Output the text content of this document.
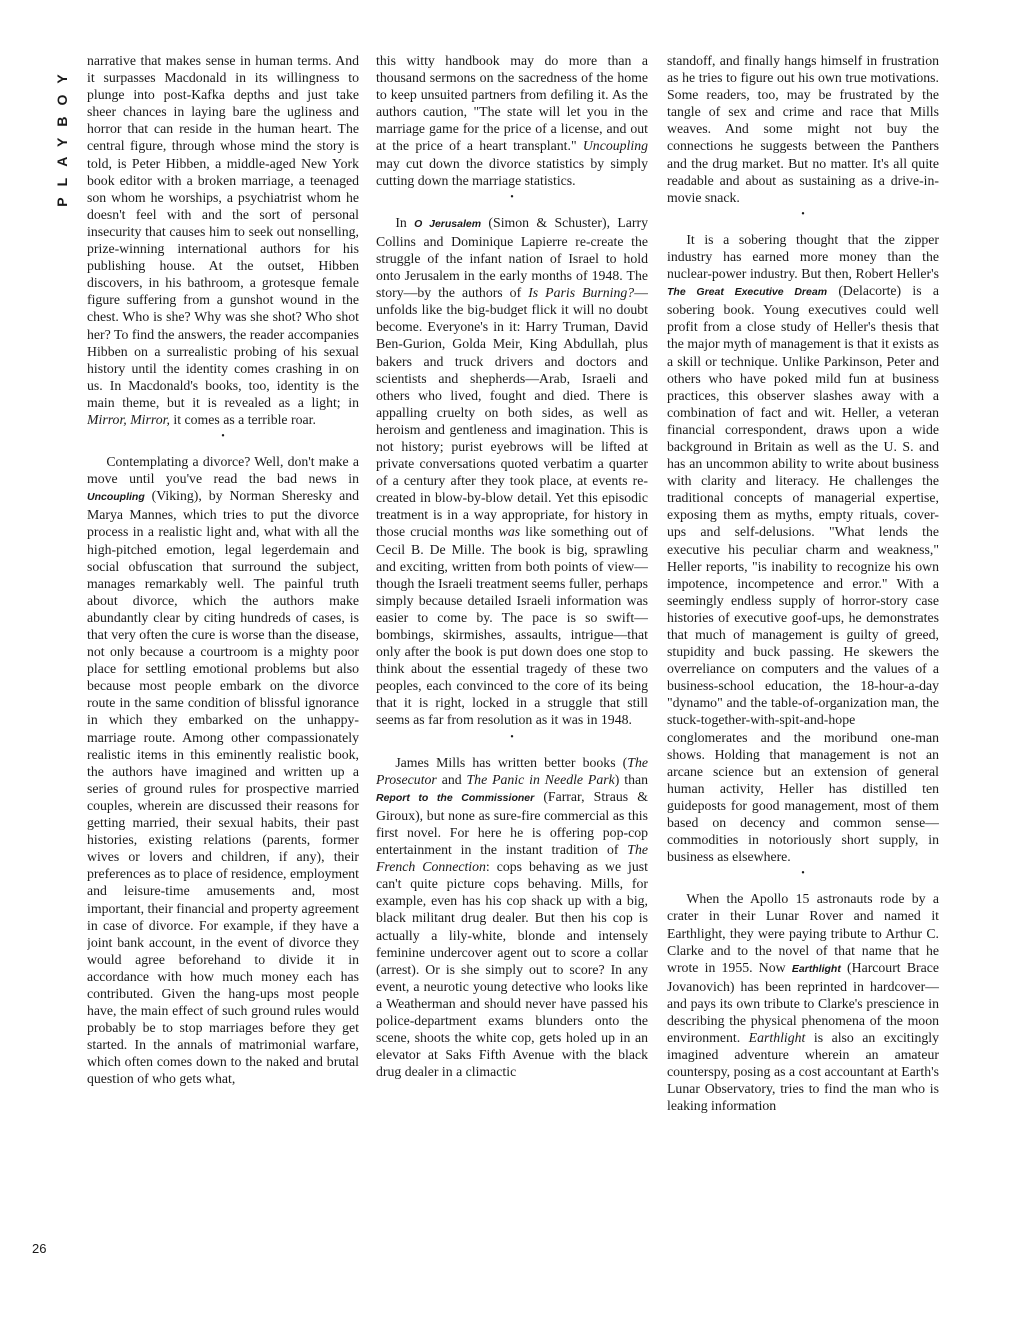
PLAYBOY

narrative that makes sense in human terms. And it surpasses Macdonald in its willingness to plunge into post-Kafka depths and just take sheer chances in laying bare the ugliness and horror that can reside in the human heart. The central figure, through whose mind the story is told, is Peter Hibben, a middle-aged New York book editor with a broken marriage, a teenaged son whom he worships, a psychiatrist whom he doesn't feel with and the sort of personal insecurity that causes him to seek out nonselling, prize-winning international authors for his publishing house. At the outset, Hibben discovers, in his bathroom, a grotesque female figure suffering from a gunshot wound in the chest. Who is she? Why was she shot? Who shot her? To find the answers, the reader accompanies Hibben on a surrealistic probing of his sexual history until the identity comes crashing in on us. In Macdonald's books, too, identity is the main theme, but it is revealed as a light; in Mirror, Mirror, it comes as a terrible roar.

•

Contemplating a divorce? Well, don't make a move until you've read the bad news in Uncoupling (Viking), by Norman Sheresky and Marya Mannes, which tries to put the divorce process in a realistic light and, what with all the high-pitched emotion, legal legerdemain and social obfuscation that surround the subject, manages remarkably well. The painful truth about divorce, which the authors make abundantly clear by citing hundreds of cases, is that very often the cure is worse than the disease, not only because a courtroom is a mighty poor place for settling emotional problems but also because most people embark on the divorce route in the same condition of blissful ignorance in which they embarked on the unhappy-marriage route. Among other compassionately realistic items in this eminently realistic book, the authors have imagined and written up a series of ground rules for prospective married couples, wherein are discussed their reasons for getting married, their sexual habits, their past histories, existing relations (parents, former wives or lovers and children, if any), their preferences as to place of residence, employment and leisure-time amusements and, most important, their financial and property agreement in case of divorce. For example, if they have a joint bank account, in the event of divorce they would agree beforehand to divide it in accordance with how much money each has contributed. Given the hang-ups most people have, the main effect of such ground rules would probably be to stop marriages before they get started. In the annals of matrimonial warfare, which often comes down to the naked and brutal question of who gets what,

this witty handbook may do more than a thousand sermons on the sacredness of the home to keep unsuited partners from defiling it. As the authors caution, "The state will let you in the marriage game for the price of a license, and out at the price of a heart transplant." Uncoupling may cut down the divorce statistics by simply cutting down the marriage statistics.

•

In O Jerusalem (Simon & Schuster), Larry Collins and Dominique Lapierre re-create the struggle of the infant nation of Israel to hold onto Jerusalem in the early months of 1948. The story—by the authors of Is Paris Burning?—unfolds like the big-budget flick it will no doubt become. Everyone's in it: Harry Truman, David Ben-Gurion, Golda Meir, King Abdullah, plus bakers and truck drivers and doctors and scientists and shepherds—Arab, Israeli and others who lived, fought and died. There is appalling cruelty on both sides, as well as heroism and gentleness and imagination. This is not history; purist eyebrows will be lifted at private conversations quoted verbatim a quarter of a century after they took place, at events re-created in blow-by-blow detail. Yet this episodic treatment is in a way appropriate, for history in those crucial months was like something out of Cecil B. De Mille. The book is big, sprawling and exciting, written from both points of view—though the Israeli treatment seems fuller, perhaps simply because detailed Israeli information was easier to come by. The pace is so swift—bombings, skirmishes, assaults, intrigue—that only after the book is put down does one stop to think about the essential tragedy of these two peoples, each convinced to the core of its being that it is right, locked in a struggle that still seems as far from resolution as it was in 1948.

•

James Mills has written better books (The Prosecutor and The Panic in Needle Park) than Report to the Commissioner (Farrar, Straus & Giroux), but none as sure-fire commercial as this first novel. For here he is offering pop-cop entertainment in the instant tradition of The French Connection: cops behaving as we just can't quite picture cops behaving. Mills, for example, even has his cop shack up with a big, black militant drug dealer. But then his cop is actually a lily-white, blonde and intensely feminine undercover agent out to score a collar (arrest). Or is she simply out to score? In any event, a neurotic young detective who looks like a Weatherman and should never have passed his police-department exams blunders onto the scene, shoots the white cop, gets holed up in an elevator at Saks Fifth Avenue with the black drug dealer in a climactic

standoff, and finally hangs himself in frustration as he tries to figure out his own true motivations. Some readers, too, may be frustrated by the tangle of sex and crime and race that Mills weaves. And some might not buy the connections he suggests between the Panthers and the drug market. But no matter. It's all quite readable and about as sustaining as a drive-in-movie snack.

•

It is a sobering thought that the zipper industry has earned more money than the nuclear-power industry. But then, Robert Heller's The Great Executive Dream (Delacorte) is a sobering book. Young executives could well profit from a close study of Heller's thesis that the major myth of management is that it exists as a skill or technique. Unlike Parkinson, Peter and others who have poked mild fun at business practices, this observer slashes away with a combination of fact and wit. Heller, a veteran financial correspondent, draws upon a wide background in Britain as well as the U. S. and has an uncommon ability to write about business with clarity and literacy. He challenges the traditional concepts of managerial expertise, exposing them as myths, empty rituals, cover-ups and self-delusions. "What lends the executive his peculiar charm and weakness," Heller reports, "is inability to recognize his own impotence, incompetence and error." With a seemingly endless supply of horror-story case histories of executive goof-ups, he demonstrates that much of management is guilty of greed, stupidity and buck passing. He skewers the overreliance on computers and the values of a business-school education, the 18-hour-a-day "dynamo" and the table-of-organization man, the stuck-together-with-spit-and-hope conglomerates and the moribund one-man shows. Holding that management is not an arcane science but an extension of general human activity, Heller has distilled ten guideposts for good management, most of them based on decency and common sense—commodities in notoriously short supply, in business as elsewhere.

•

When the Apollo 15 astronauts rode by a crater in their Lunar Rover and named it Earthlight, they were paying tribute to Arthur C. Clarke and to the novel of that name that he wrote in 1955. Now Earthlight (Harcourt Brace Jovanovich) has been reprinted in hardcover—and pays its own tribute to Clarke's prescience in describing the physical phenomena of the moon environment. Earthlight is also an excitingly imagined adventure wherein an amateur counterspy, posing as a cost accountant at Earth's Lunar Observatory, tries to find the man who is leaking information

26
